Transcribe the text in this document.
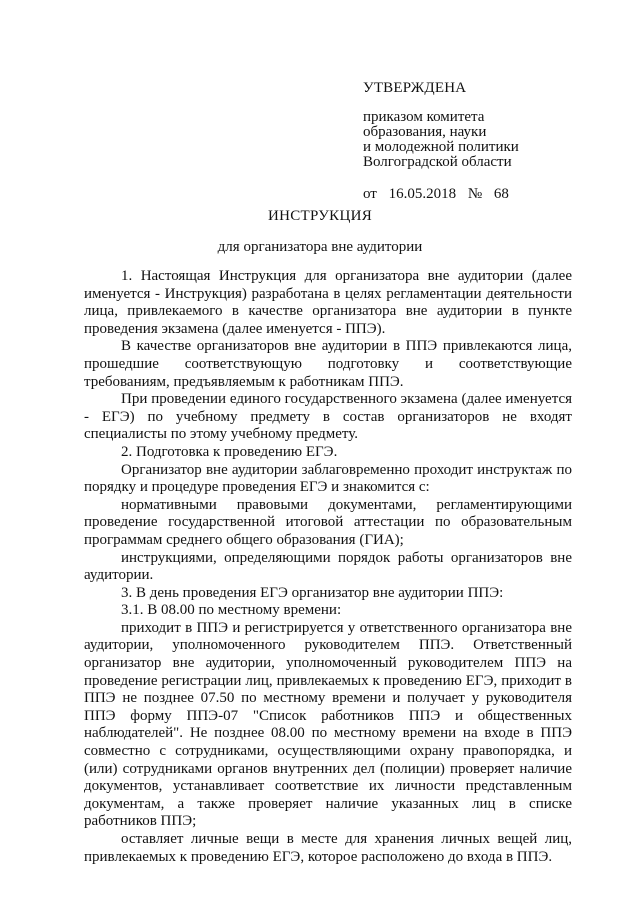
УТВЕРЖДЕНА
приказом комитета
образования, науки
и молодежной политики
Волгоградской области
от 16.05.2018 № 68
ИНСТРУКЦИЯ
для организатора вне аудитории

1. Настоящая Инструкция для организатора вне аудитории (далее именуется - Инструкция) разработана в целях регламентации деятельности лица, привлекаемого в качестве организатора вне аудитории в пункте проведения экзамена (далее именуется - ППЭ).

В качестве организаторов вне аудитории в ППЭ привлекаются лица, прошедшие соответствующую подготовку и соответствующие требованиям, предъявляемым к работникам ППЭ.

При проведении единого государственного экзамена (далее именуется - ЕГЭ) по учебному предмету в состав организаторов не входят специалисты по этому учебному предмету.

2. Подготовка к проведению ЕГЭ.

Организатор вне аудитории заблаговременно проходит инструктаж по порядку и процедуре проведения ЕГЭ и знакомится с:

нормативными правовыми документами, регламентирующими проведение государственной итоговой аттестации по образовательным программам среднего общего образования (ГИА);

инструкциями, определяющими порядок работы организаторов вне аудитории.

3. В день проведения ЕГЭ организатор вне аудитории ППЭ:

3.1. В 08.00 по местному времени:

приходит в ППЭ и регистрируется у ответственного организатора вне аудитории, уполномоченного руководителем ППЭ. Ответственный организатор вне аудитории, уполномоченный руководителем ППЭ на проведение регистрации лиц, привлекаемых к проведению ЕГЭ, приходит в ППЭ не позднее 07.50 по местному времени и получает у руководителя ППЭ форму ППЭ-07 "Список работников ППЭ и общественных наблюдателей". Не позднее 08.00 по местному времени на входе в ППЭ совместно с сотрудниками, осуществляющими охрану правопорядка, и (или) сотрудниками органов внутренних дел (полиции) проверяет наличие документов, устанавливает соответствие их личности представленным документам, а также проверяет наличие указанных лиц в списке работников ППЭ;

оставляет личные вещи в месте для хранения личных вещей лиц, привлекаемых к проведению ЕГЭ, которое расположено до входа в ППЭ.
